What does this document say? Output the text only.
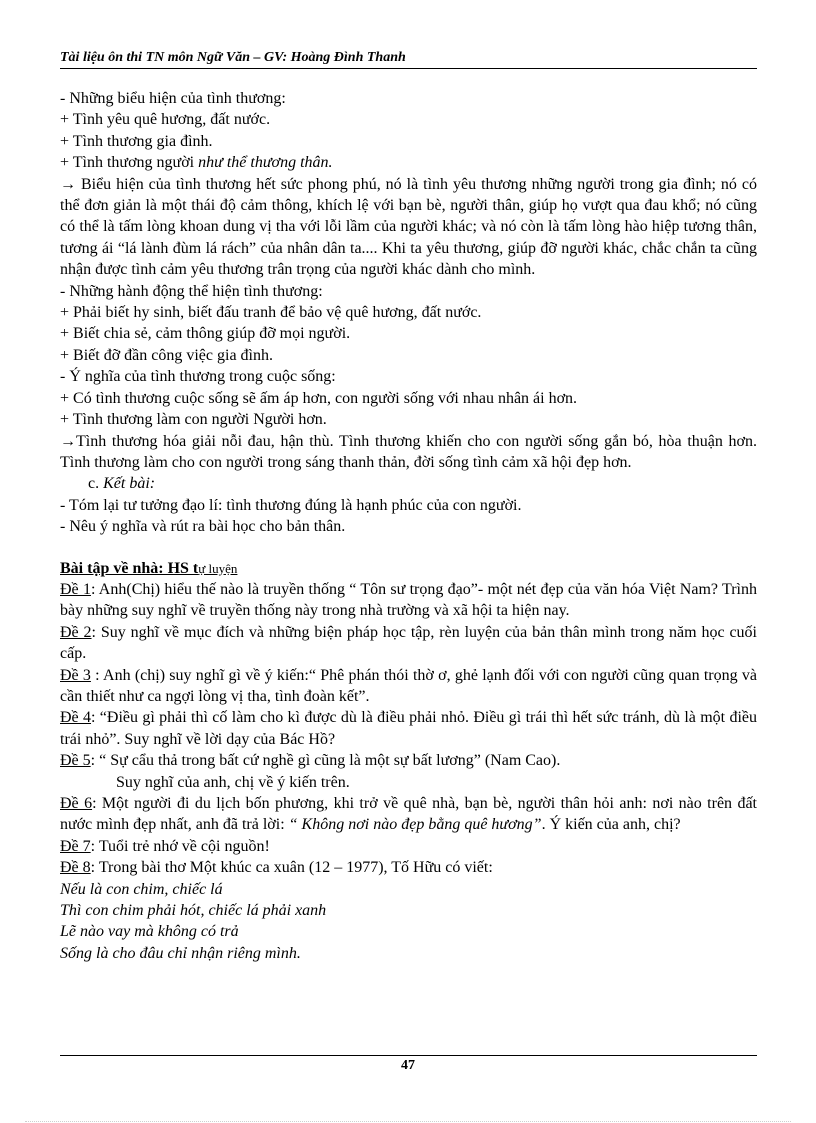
Tài liệu ôn thi TN môn Ngữ Văn – GV: Hoàng Đình Thanh

- Những biểu hiện của tình thương:

+ Tình yêu quê hương, đất nước.

+ Tình thương gia đình.

+ Tình thương người như thể thương thân.

→ Biểu hiện của tình thương hết sức phong phú, nó là tình yêu thương những người trong gia đình; nó có thể đơn giản là một thái độ cảm thông, khích lệ với bạn bè, người thân, giúp họ vượt qua đau khổ; nó cũng có thể là tấm lòng khoan dung vị tha với lỗi lầm của người khác; và nó còn là tấm lòng hào hiệp tương thân, tương ái “lá lành đùm lá rách” của nhân dân ta.... Khi ta yêu thương, giúp đỡ người khác, chắc chắn ta cũng nhận được tình cảm yêu thương trân trọng của người khác dành cho mình.

- Những hành động thể hiện tình thương:

+ Phải biết hy sinh, biết đấu tranh để bảo vệ quê hương, đất nước.

+ Biết chia sẻ, cảm thông giúp đỡ mọi người.

+ Biết đỡ đần công việc gia đình.

- Ý nghĩa của tình thương trong cuộc sống:

+ Có tình thương cuộc sống sẽ ấm áp hơn, con người sống với nhau nhân ái hơn.

+ Tình thương làm con người Người hơn.

→Tình thương hóa giải nỗi đau, hận thù. Tình thương khiến cho con người sống gắn bó, hòa thuận hơn. Tình thương làm cho con người trong sáng thanh thản, đời sống tình cảm xã hội đẹp hơn.

c. Kết bài:

- Tóm lại tư tưởng đạo lí: tình thương đúng là hạnh phúc của con người.

- Nêu ý nghĩa và rút ra bài học cho bản thân.

Bài tập về nhà: HS tự luyện

Đề 1: Anh(Chị) hiểu thế nào là truyền thống “ Tôn sư trọng đạo”- một nét đẹp của văn hóa Việt Nam? Trình bày những suy nghĩ về truyền thống này trong nhà trường và xã hội ta hiện nay.

Đề 2: Suy nghĩ về mục đích và những biện pháp học tập, rèn luyện của bản thân mình trong năm học cuối cấp.

Đề 3 : Anh (chị) suy nghĩ gì về ý kiến:“ Phê phán thói thờ ơ, ghẻ lạnh đối với con người cũng quan trọng và cần thiết như ca ngợi lòng vị tha, tình đoàn kết”.

Đề 4: “Điều gì phải thì cố làm cho kì được dù là điều phải nhỏ. Điều gì trái thì hết sức tránh, dù là một điều trái nhỏ”. Suy nghĩ về lời dạy của Bác Hồ?

Đề 5: “ Sự cẩu thả trong bất cứ nghề gì cũng là một sự bất lương” (Nam Cao).

Suy nghĩ của anh, chị về ý kiến trên.

Đề 6: Một người đi du lịch bốn phương, khi trở về quê nhà, bạn bè, người thân hỏi anh: nơi nào trên đất nước mình đẹp nhất, anh đã trả lời: “ Không nơi nào đẹp bằng quê hương”. Ý kiến của anh, chị?

Đề 7: Tuổi trẻ nhớ về cội nguồn!

Đề 8: Trong bài thơ Một khúc ca xuân (12 – 1977), Tố Hữu có viết:

Nếu là con chim, chiếc lá

Thì con chim phải hót, chiếc lá phải xanh

Lẽ nào vay mà không có trả

Sống là cho đâu chỉ nhận riêng mình.

47
